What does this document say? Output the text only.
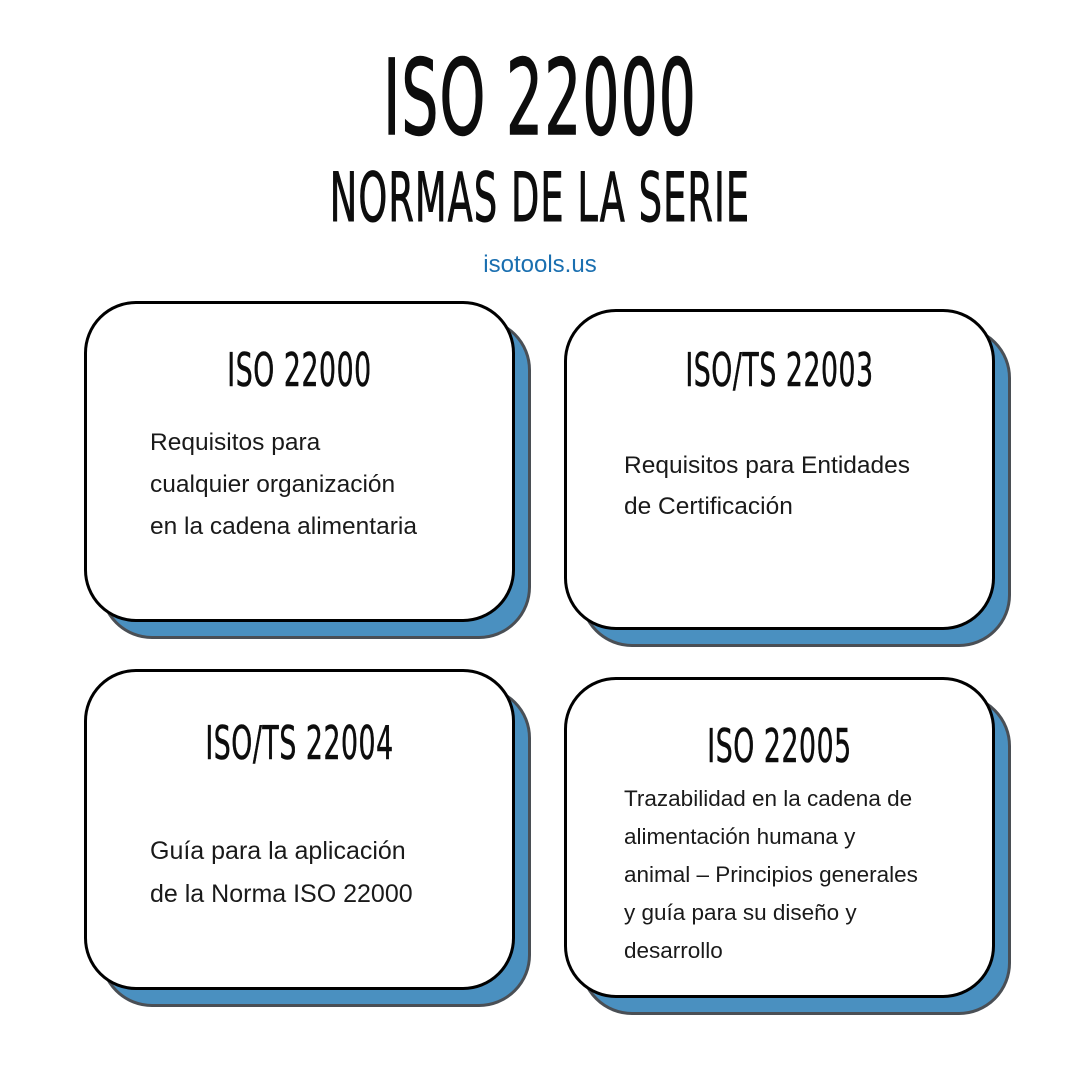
ISO 22000
NORMAS DE LA SERIE
isotools.us
ISO 22000

Requisitos para
cualquier organización
en la cadena alimentaria

ISO/TS 22003

Requisitos para Entidades
de Certificación

ISO/TS 22004

Guía para la aplicación
de la Norma ISO 22000

ISO 22005

Trazabilidad en la cadena de
alimentación humana y
animal – Principios generales
y guía para su diseño y
desarrollo
